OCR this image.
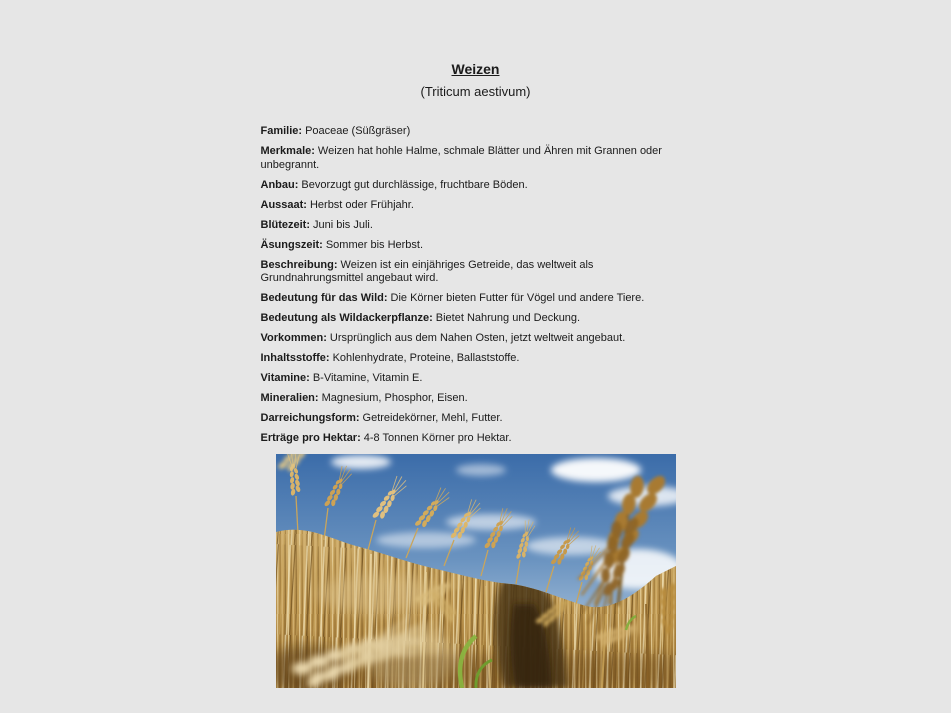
Weizen
(Triticum aestivum)

Familie: Poaceae (Süßgräser)

Merkmale: Weizen hat hohle Halme, schmale Blätter und Ähren mit Grannen oder unbegrannt.

Anbau: Bevorzugt gut durchlässige, fruchtbare Böden.

Aussaat: Herbst oder Frühjahr.

Blütezeit: Juni bis Juli.

Äsungszeit: Sommer bis Herbst.

Beschreibung: Weizen ist ein einjähriges Getreide, das weltweit als Grundnahrungsmittel angebaut wird.

Bedeutung für das Wild: Die Körner bieten Futter für Vögel und andere Tiere.

Bedeutung als Wildackerpflanze: Bietet Nahrung und Deckung.

Vorkommen: Ursprünglich aus dem Nahen Osten, jetzt weltweit angebaut.

Inhaltsstoffe: Kohlenhydrate, Proteine, Ballaststoffe.

Vitamine: B-Vitamine, Vitamin E.

Mineralien: Magnesium, Phosphor, Eisen.

Darreichungsform: Getreidekörner, Mehl, Futter.

Erträge pro Hektar: 4-8 Tonnen Körner pro Hektar.
